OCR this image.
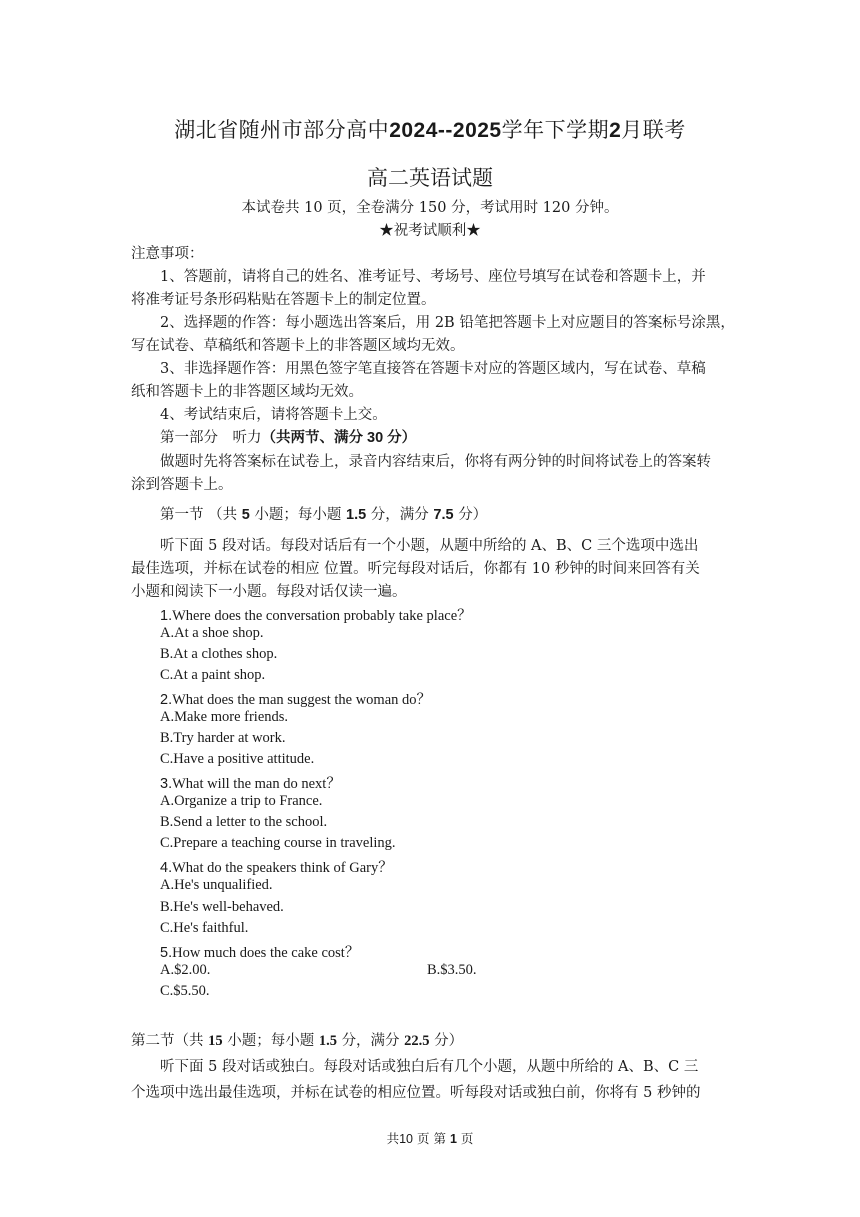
湖北省随州市部分高中2024--2025学年下学期2月联考
高二英语试题
本试卷共 10 页，全卷满分 150 分，考试用时 120 分钟。
★祝考试顺利★
注意事项：
1、答题前，请将自己的姓名、准考证号、考场号、座位号填写在试卷和答题卡上，并
将准考证号条形码粘贴在答题卡上的制定位置。
2、选择题的作答：每小题选出答案后，用 2B 铅笔把答题卡上对应题目的答案标号涂黑，
写在试卷、草稿纸和答题卡上的非答题区域均无效。
3、非选择题作答：用黑色签字笔直接答在答题卡对应的答题区域内，写在试卷、草稿
纸和答题卡上的非答题区域均无效。
4、考试结束后，请将答题卡上交。
第一部分　听力（共两节、满分 30 分）
做题时先将答案标在试卷上，录音内容结束后，你将有两分钟的时间将试卷上的答案转
涂到答题卡上。
第一节 （共 5 小题；每小题 1.5 分，满分 7.5 分）
听下面 5 段对话。每段对话后有一个小题，从题中所给的 A、B、C 三个选项中选出
最佳选项，并标在试卷的相应 位置。听完每段对话后，你都有 10 秒钟的时间来回答有关
小题和阅读下一小题。每段对话仅读一遍。
1.Where does the conversation probably take place？
A.At a shoe shop.
B.At a clothes shop.
C.At a paint shop.
2.What does the man suggest the woman do？
A.Make more friends.
B.Try harder at work.
C.Have a positive attitude.
3.What will the man do next？
A.Organize a trip to France.
B.Send a letter to the school.
C.Prepare a teaching course in traveling.
4.What do the speakers think of Gary？
A.He's unqualified.
B.He's well-behaved.
C.He's faithful.
5.How much does the cake cost？
A.$2.00.	B.$3.50.
C.$5.50.
第二节（共 15 小题；每小题 1.5 分，满分 22.5 分）
听下面 5 段对话或独白。每段对话或独白后有几个小题，从题中所给的 A、B、C 三
个选项中选出最佳选项，并标在试卷的相应位置。听每段对话或独白前，你将有 5 秒钟的
共10 页 第 1 页
